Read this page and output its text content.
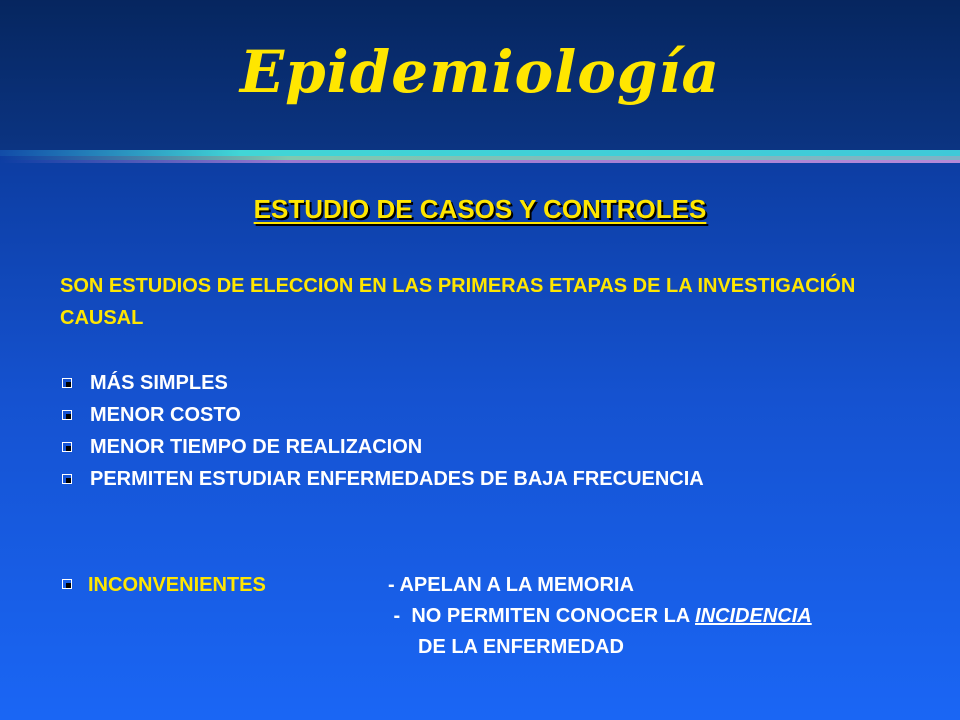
Epidemiología
ESTUDIO DE CASOS Y CONTROLES
SON ESTUDIOS DE ELECCION EN LAS PRIMERAS ETAPAS DE LA INVESTIGACIÓN CAUSAL
MÁS SIMPLES
MENOR COSTO
MENOR TIEMPO DE REALIZACION
PERMITEN ESTUDIAR ENFERMEDADES DE BAJA FRECUENCIA
INCONVENIENTES	- APELAN A LA MEMORIA
-  NO PERMITEN CONOCER LA INCIDENCIA
DE LA ENFERMEDAD
